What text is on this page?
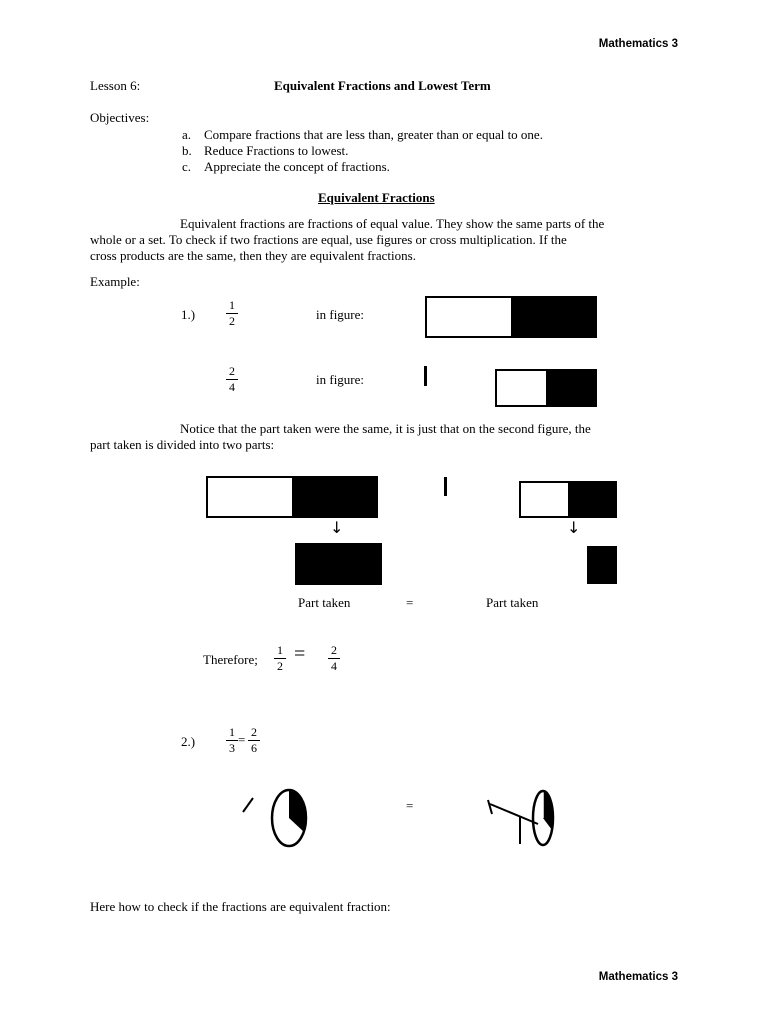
Mathematics 3
Lesson 6:	Equivalent Fractions and Lowest Term
Objectives:
a. Compare fractions that are less than, greater than or equal to one.
b. Reduce Fractions to lowest.
c. Appreciate the concept of fractions.
Equivalent Fractions
Equivalent fractions are fractions of equal value. They show the same parts of the
whole or a set. To check if two fractions are equal, use figures or cross multiplication. If the
cross products are the same, then they are equivalent fractions.
Example:
1.)
1
2	in figure:
2
4	in figure:
Notice that the part taken were the same, it is just that on the second figure, the
part taken is divided into two parts:
↓	↓
Part taken	=	Part taken
Therefore;
1
2
= 2
4
2.)
1
3
= 2
6
=
Here how to check if the fractions are equivalent fraction:
Mathematics 3
